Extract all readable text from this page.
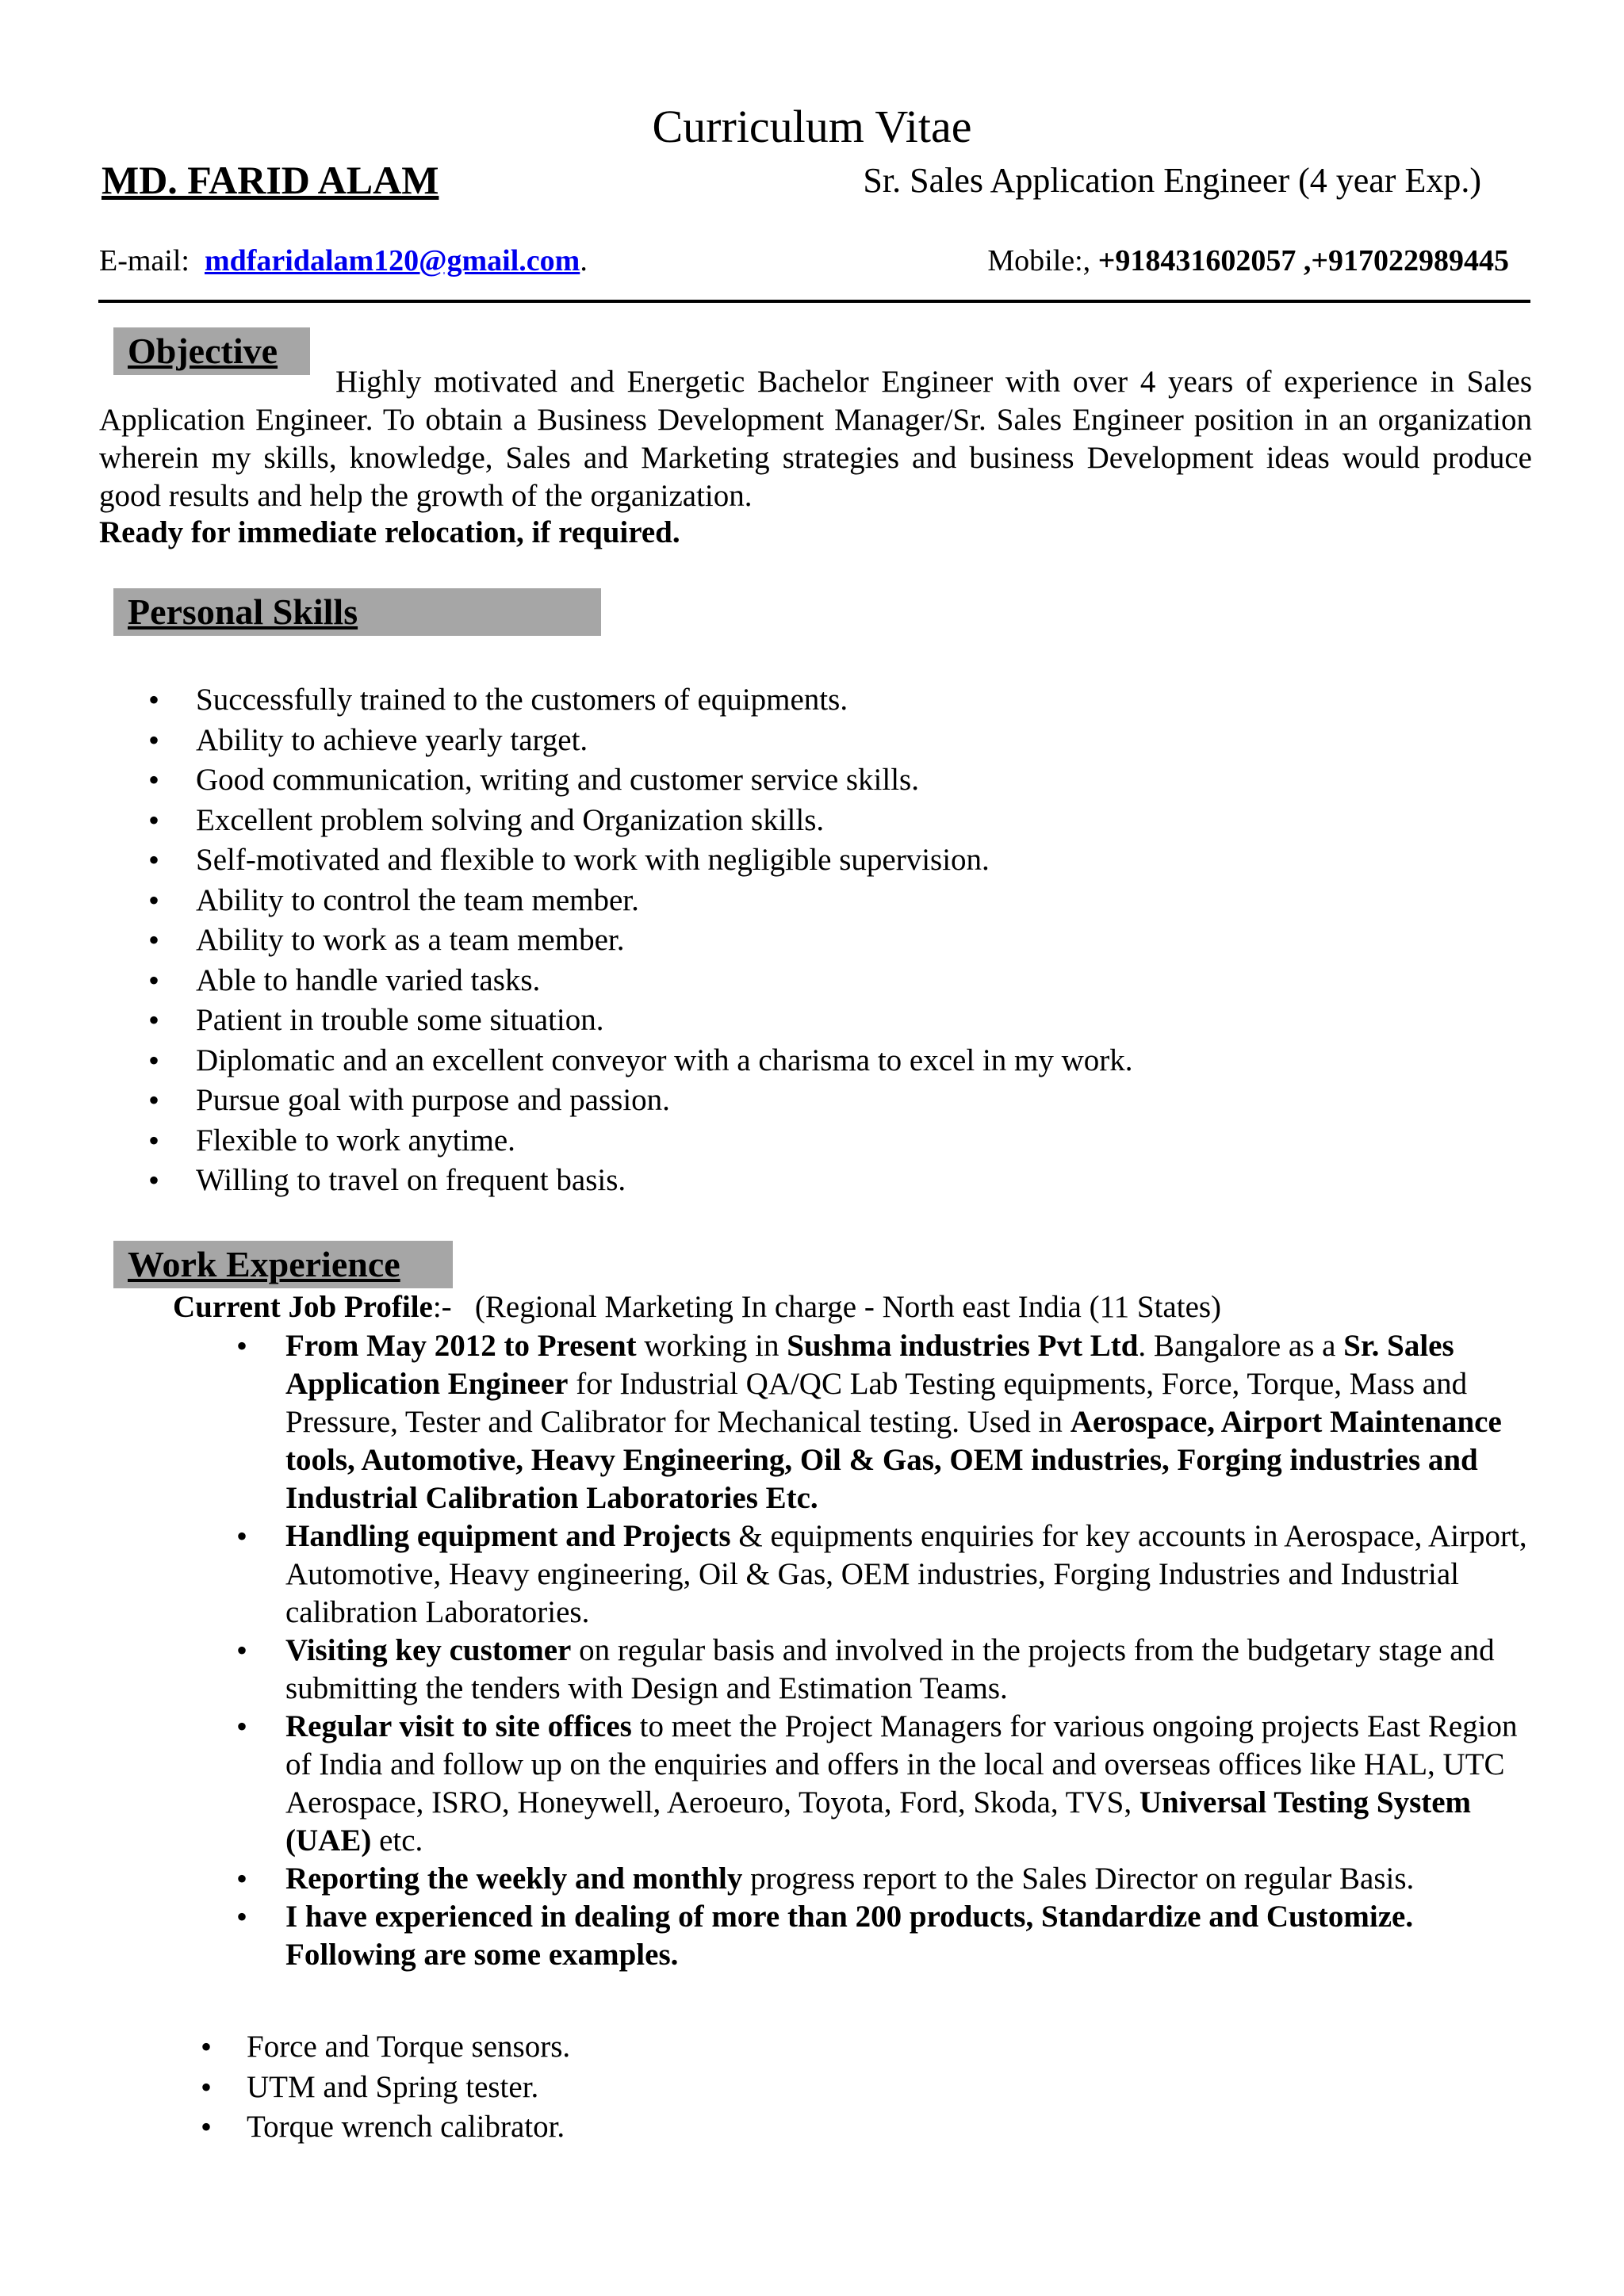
Curriculum Vitae
MD. FARID ALAM	Sr. Sales Application Engineer (4 year Exp.)
E-mail: mdfaridalam120@gmail.com.	Mobile:, +918431602057 ,+917022989445
Objective
Highly motivated and Energetic Bachelor Engineer with over 4 years of experience in Sales Application Engineer. To obtain a Business Development Manager/Sr. Sales Engineer position in an organization wherein my skills, knowledge, Sales and Marketing strategies and business Development ideas would produce good results and help the growth of the organization.
Ready for immediate relocation, if required.
Personal Skills
• Successfully trained to the customers of equipments.
• Ability to achieve yearly target.
• Good communication, writing and customer service skills.
• Excellent problem solving and Organization skills.
• Self-motivated and flexible to work with negligible supervision.
• Ability to control the team member.
• Ability to work as a team member.
• Able to handle varied tasks.
• Patient in trouble some situation.
• Diplomatic and an excellent conveyor with a charisma to excel in my work.
• Pursue goal with purpose and passion.
• Flexible to work anytime.
• Willing to travel on frequent basis.
Work Experience
Current Job Profile:- (Regional Marketing In charge - North east India (11 States)
• From May 2012 to Present working in Sushma industries Pvt Ltd. Bangalore as a Sr. Sales Application Engineer for Industrial QA/QC Lab Testing equipments, Force, Torque, Mass and Pressure, Tester and Calibrator for Mechanical testing. Used in Aerospace, Airport Maintenance tools, Automotive, Heavy Engineering, Oil & Gas, OEM industries, Forging industries and Industrial Calibration Laboratories Etc.
• Handling equipment and Projects & equipments enquiries for key accounts in Aerospace, Airport, Automotive, Heavy engineering, Oil & Gas, OEM industries, Forging Industries and Industrial calibration Laboratories.
• Visiting key customer on regular basis and involved in the projects from the budgetary stage and submitting the tenders with Design and Estimation Teams.
• Regular visit to site offices to meet the Project Managers for various ongoing projects East Region of India and follow up on the enquiries and offers in the local and overseas offices like HAL, UTC Aerospace, ISRO, Honeywell, Aeroeuro, Toyota, Ford, Skoda, TVS, Universal Testing System (UAE) etc.
• Reporting the weekly and monthly progress report to the Sales Director on regular Basis.
• I have experienced in dealing of more than 200 products, Standardize and Customize. Following are some examples.
• Force and Torque sensors.
• UTM and Spring tester.
• Torque wrench calibrator.
